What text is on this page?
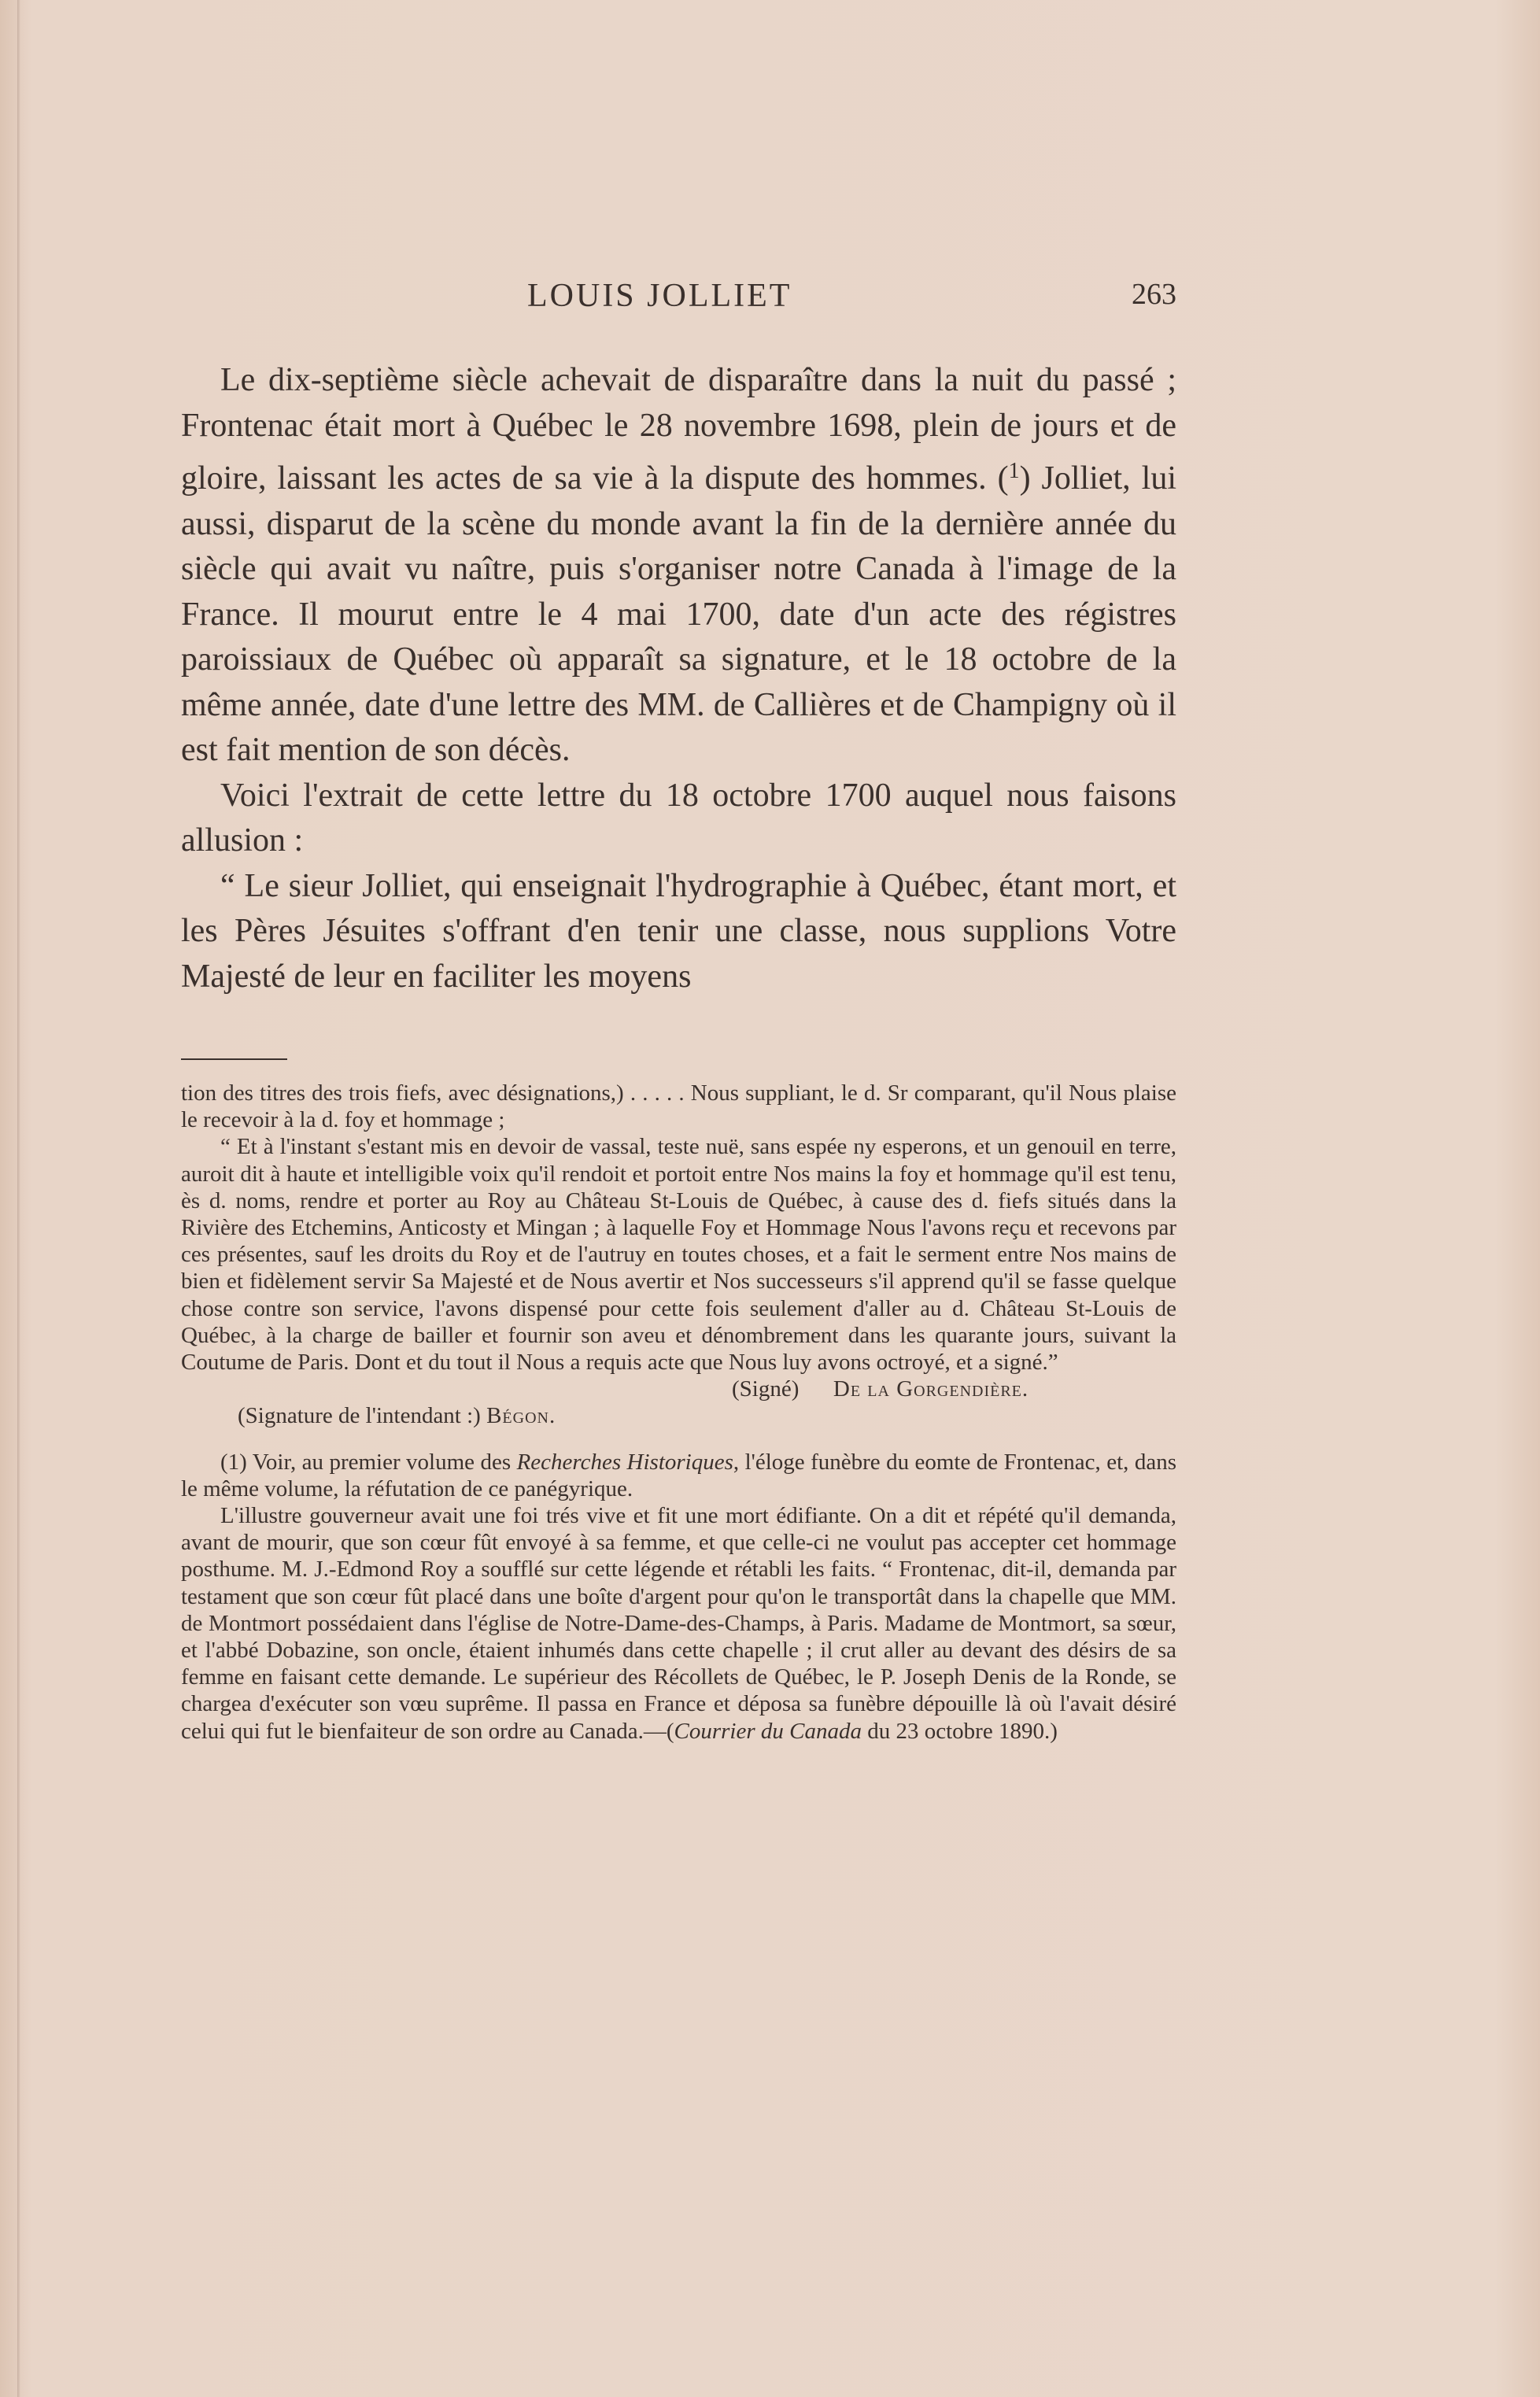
LOUIS JOLLIET	263

Le dix-septième siècle achevait de disparaître dans la nuit du passé ; Frontenac était mort à Québec le 28 novembre 1698, plein de jours et de gloire, laissant les actes de sa vie à la dispute des hommes. ($^1$) Jolliet, lui aussi, disparut de la scène du monde avant la fin de la dernière année du siècle qui avait vu naître, puis s'organiser notre Canada à l'image de la France. Il mourut entre le 4 mai 1700, date d'un acte des régistres paroissiaux de Québec où apparaît sa signature, et le 18 octobre de la même année, date d'une lettre des MM. de Callières et de Champigny où il est fait mention de son décès.

Voici l'extrait de cette lettre du 18 octobre 1700 auquel nous faisons allusion :

“ Le sieur Jolliet, qui enseignait l'hydrographie à Québec, étant mort, et les Pères Jésuites s'offrant d'en tenir une classe, nous supplions Votre Majesté de leur en faciliter les moyens

tion des titres des trois fiefs, avec désignations,) . . . . . Nous suppliant, le d. Sr comparant, qu'il Nous plaise le recevoir à la d. foy et hommage ;

“ Et à l'instant s'estant mis en devoir de vassal, teste nuë, sans espée ny esperons, et un genouil en terre, auroit dit à haute et intelligible voix qu'il rendoit et portoit entre Nos mains la foy et hommage qu'il est tenu, ès d. noms, rendre et porter au Roy au Château St-Louis de Québec, à cause des d. fiefs situés dans la Rivière des Etchemins, Anticosty et Mingan ; à laquelle Foy et Hommage Nous l'avons reçu et recevons par ces présentes, sauf les droits du Roy et de l'autruy en toutes choses, et a fait le serment entre Nos mains de bien et fidèlement servir Sa Majesté et de Nous avertir et Nos successeurs s'il apprend qu'il se fasse quelque chose contre son service, l'avons dispensé pour cette fois seulement d'aller au d. Château St-Louis de Québec, à la charge de bailler et fournir son aveu et dénombrement dans les quarante jours, suivant la Coutume de Paris. Dont et du tout il Nous a requis acte que Nous luy avons octroyé, et a signé.”

(Signé) De la Gorgendière.

(Signature de l'intendant :) Bégon.

(1) Voir, au premier volume des Recherches Historiques, l'éloge funèbre du eomte de Frontenac, et, dans le même volume, la réfutation de ce panégyrique.

L'illustre gouverneur avait une foi trés vive et fit une mort édifiante. On a dit et répété qu'il demanda, avant de mourir, que son cœur fût envoyé à sa femme, et que celle-ci ne voulut pas accepter cet hommage posthume. M. J.-Edmond Roy a soufflé sur cette légende et rétabli les faits. “ Frontenac, dit-il, demanda par testament que son cœur fût placé dans une boîte d'argent pour qu'on le transportât dans la chapelle que MM. de Montmort possédaient dans l'église de Notre-Dame-des-Champs, à Paris. Madame de Montmort, sa sœur, et l'abbé Dobazine, son oncle, étaient inhumés dans cette chapelle ; il crut aller au devant des désirs de sa femme en faisant cette demande. Le supérieur des Récollets de Québec, le P. Joseph Denis de la Ronde, se chargea d'exécuter son vœu suprême. Il passa en France et déposa sa funèbre dépouille là où l'avait désiré celui qui fut le bienfaiteur de son ordre au Canada.—(Courrier du Canada du 23 octobre 1890.)
